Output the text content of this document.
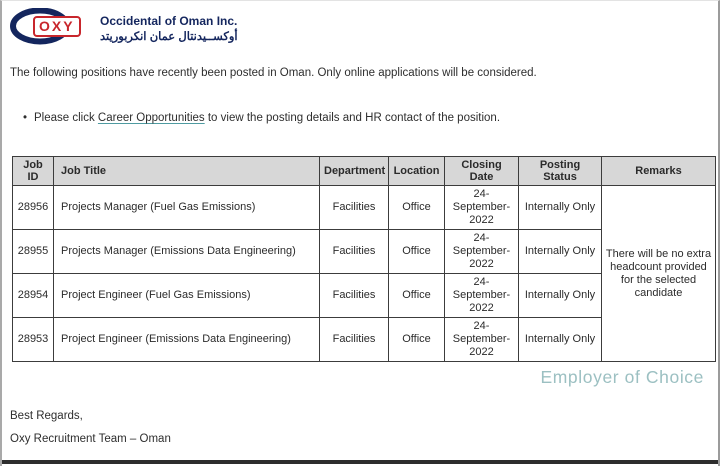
OXY	Occidental of Oman Inc.
أوكســيدنتال عمان انكربوريتد
The following positions have recently been posted in Oman. Only online applications will be considered.
• Please click Career Opportunities to view the posting details and HR contact of the position.
Job ID	Job Title	Department	Location	Closing Date	Posting Status	Remarks
28956	Projects Manager (Fuel Gas Emissions)	Facilities	Office	24-
September-
2022	Internally Only	There will be no extra headcount provided for the selected candidate
28955	Projects Manager (Emissions Data Engineering)	Facilities	Office	24-
September-
2022	Internally Only	
28954	Project Engineer (Fuel Gas Emissions)	Facilities	Office	24-
September-
2022	Internally Only	
28953	Project Engineer (Emissions Data Engineering)	Facilities	Office	24-
September-
2022	Internally Only	
Employer of Choice
Best Regards,
Oxy Recruitment Team – Oman
